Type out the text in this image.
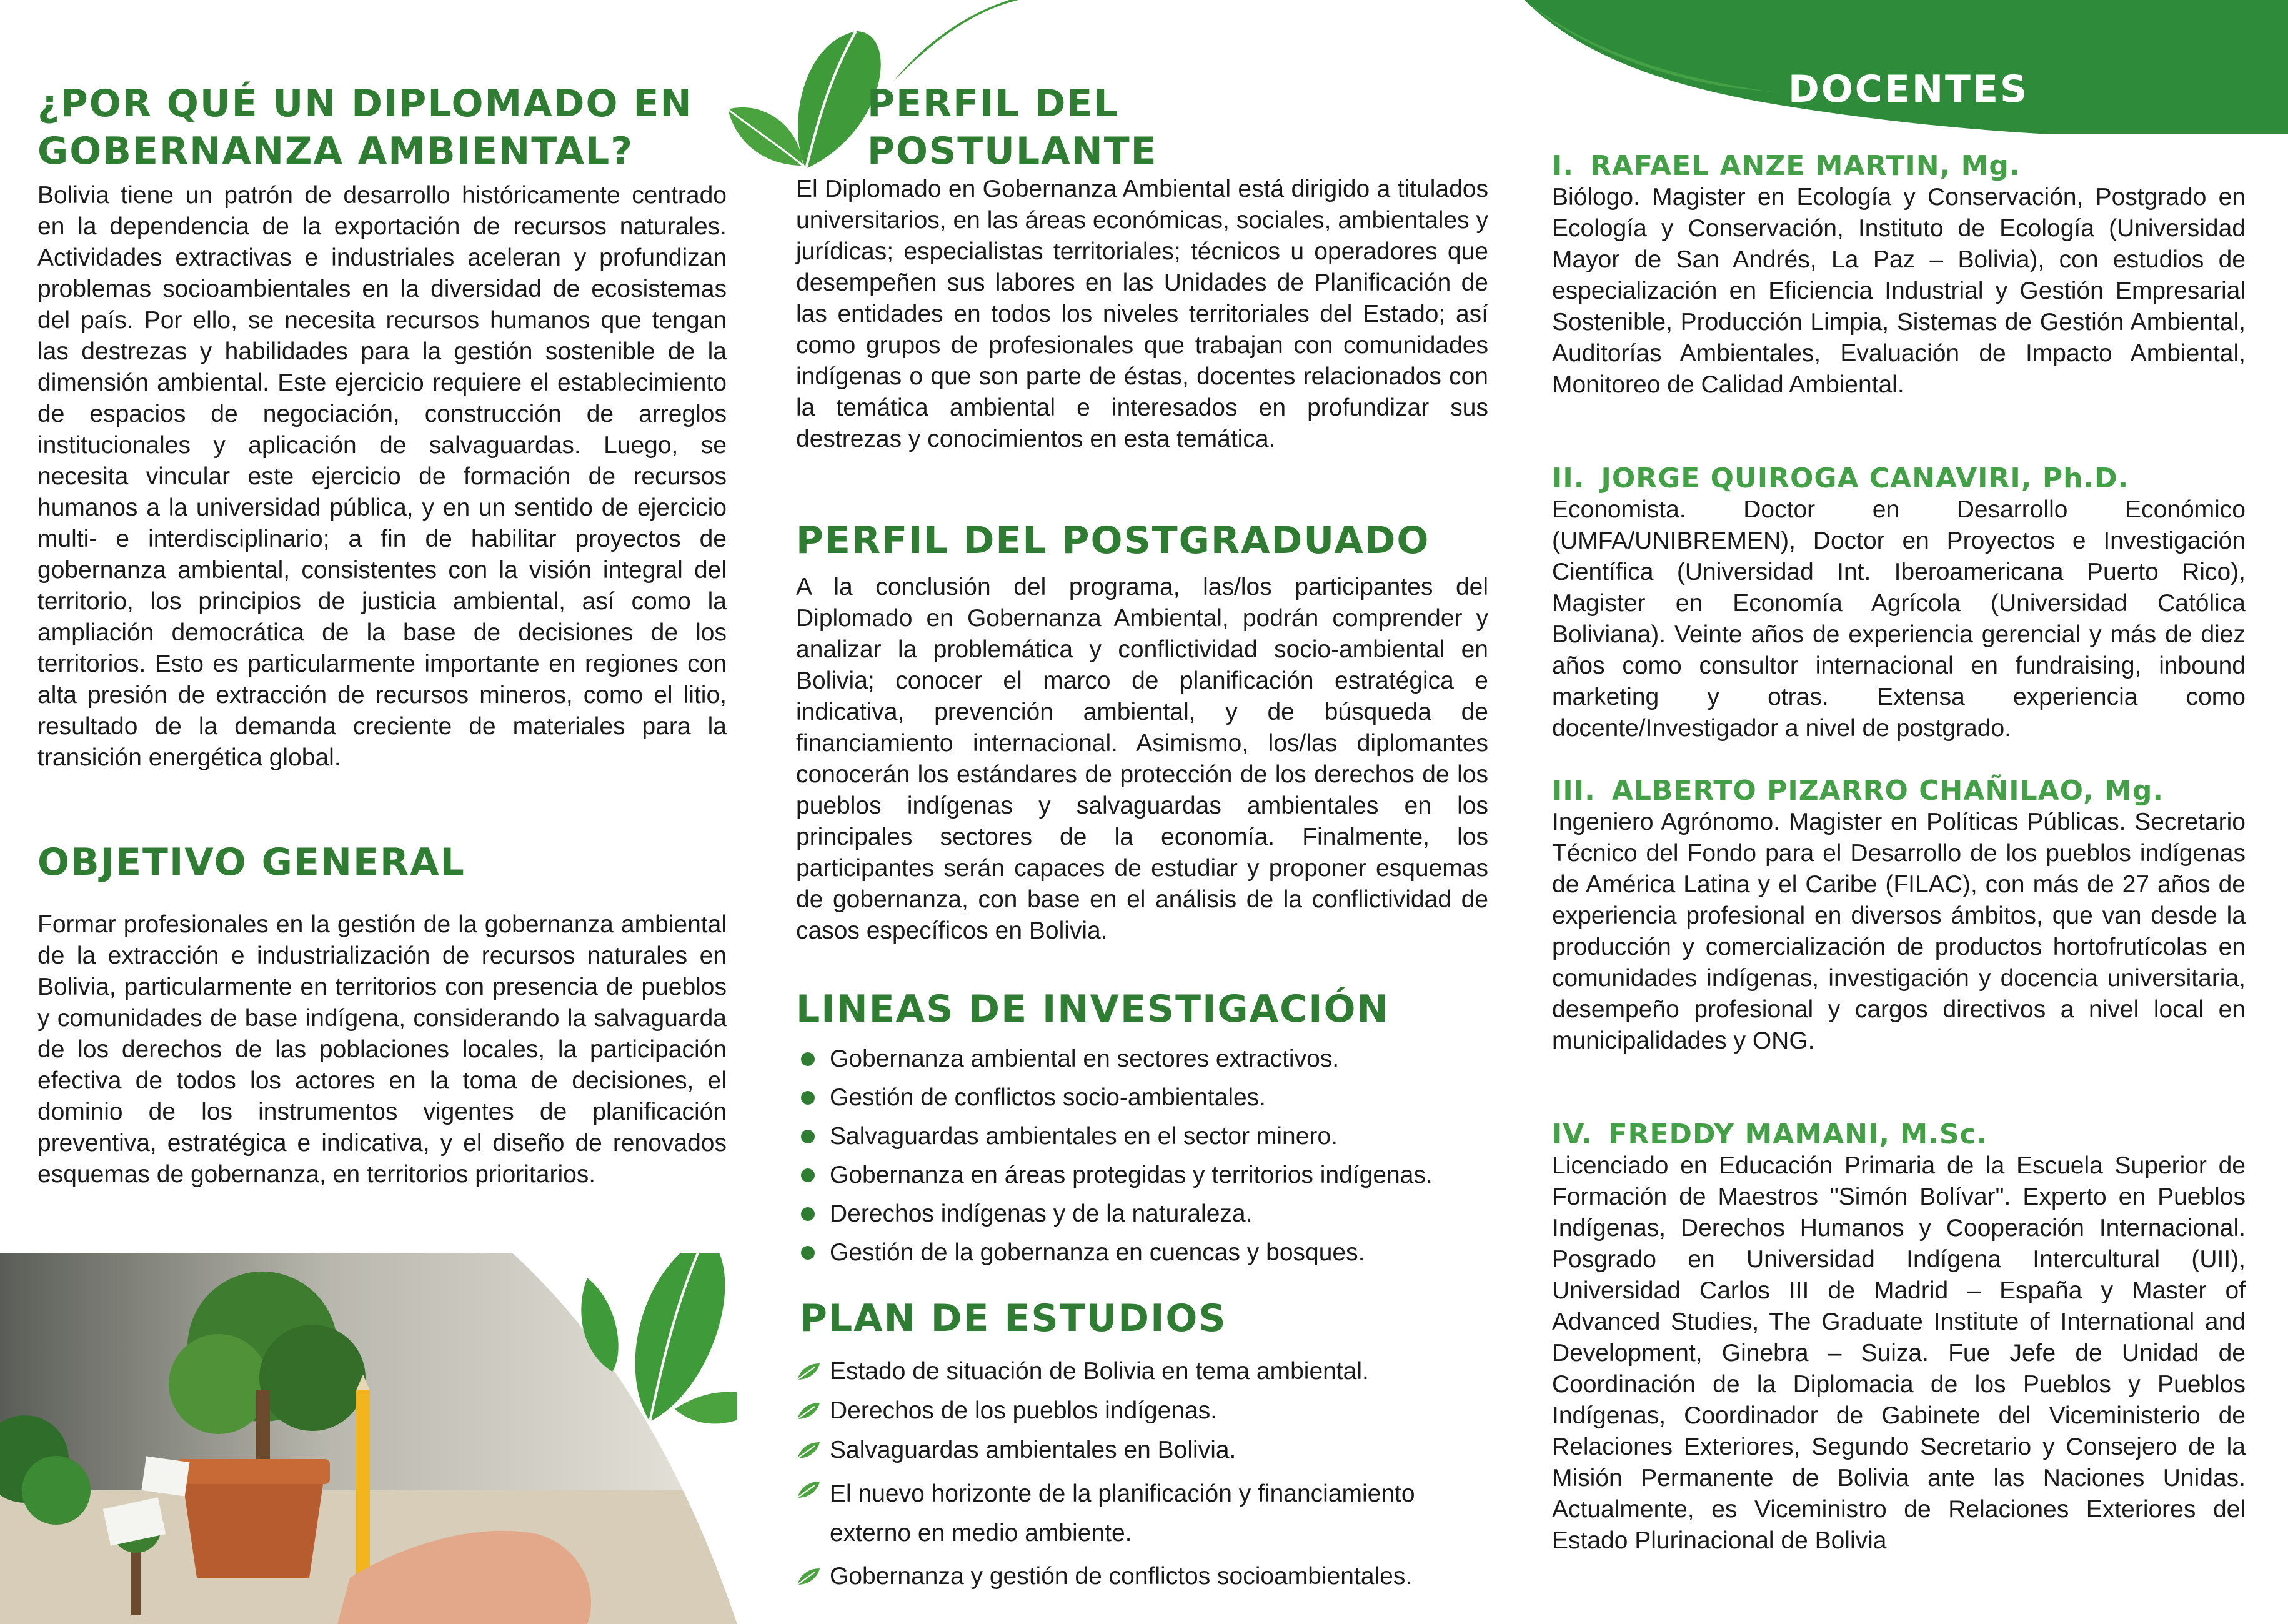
DOCENTES
¿POR QUÉ UN DIPLOMADO EN
GOBERNANZA AMBIENTAL?

Bolivia tiene un patrón de desarrollo históricamente centrado en la dependencia de la exportación de recursos naturales. Actividades extractivas e industriales aceleran y profundizan problemas socioambientales en la diversidad de ecosistemas del país. Por ello, se necesita recursos humanos que tengan las destrezas y habilidades para la gestión sostenible de la dimensión ambiental. Este ejercicio requiere el establecimiento de espacios de negociación, construcción de arreglos institucionales y aplicación de salvaguardas. Luego, se necesita vincular este ejercicio de formación de recursos humanos a la universidad pública, y en un sentido de ejercicio multi- e interdisciplinario; a fin de habilitar proyectos de gobernanza ambiental, consistentes con la visión integral del territorio, los principios de justicia ambiental, así como la ampliación democrática de la base de decisiones de los territorios. Esto es particularmente importante en regiones con alta presión de extracción de recursos mineros, como el litio, resultado de la demanda creciente de materiales para la transición energética global.

OBJETIVO GENERAL

Formar profesionales en la gestión de la gobernanza ambiental de la extracción e industrialización de recursos naturales en Bolivia, particularmente en territorios con presencia de pueblos y comunidades de base indígena, considerando la salvaguarda de los derechos de las poblaciones locales, la participación efectiva de todos los actores en la toma de decisiones, el dominio de los instrumentos vigentes de planificación preventiva, estratégica e indicativa, y el diseño de renovados esquemas de gobernanza, en territorios prioritarios.

PERFIL DEL
POSTULANTE

El Diplomado en Gobernanza Ambiental está dirigido a titulados universitarios, en las áreas económicas, sociales, ambientales y jurídicas; especialistas territoriales; técnicos u operadores que desempeñen sus labores en las Unidades de Planificación de las entidades en todos los niveles territoriales del Estado; así como grupos de profesionales que trabajan con comunidades indígenas o que son parte de éstas, docentes relacionados con la temática ambiental e interesados en profundizar sus destrezas y conocimientos en esta temática.

PERFIL DEL POSTGRADUADO

A la conclusión del programa, las/los participantes del Diplomado en Gobernanza Ambiental, podrán comprender y analizar la problemática y conflictividad socio-ambiental en Bolivia; conocer el marco de planificación estratégica e indicativa, prevención ambiental, y de búsqueda de financiamiento internacional. Asimismo, los/las diplomantes conocerán los estándares de protección de los derechos de los pueblos indígenas y salvaguardas ambientales en los principales sectores de la economía. Finalmente, los participantes serán capaces de estudiar y proponer esquemas de gobernanza, con base en el análisis de la conflictividad de casos específicos en Bolivia.

LINEAS DE INVESTIGACIÓN
Gobernanza ambiental en sectores extractivos.
Gestión de conflictos socio-ambientales.
Salvaguardas ambientales en el sector minero.
Gobernanza en áreas protegidas y territorios indígenas.
Derechos indígenas y de la naturaleza.
Gestión de la gobernanza en cuencas y bosques.
PLAN DE ESTUDIOS
Estado de situación de Bolivia en tema ambiental.
Derechos de los pueblos indígenas.
Salvaguardas ambientales en Bolivia.
El nuevo horizonte de la planificación y financiamiento externo en medio ambiente.
Gobernanza y gestión de conflictos socioambientales.
I. RAFAEL ANZE MARTIN, Mg.

Biólogo. Magister en Ecología y Conservación, Postgrado en Ecología y Conservación, Instituto de Ecología (Universidad Mayor de San Andrés, La Paz – Bolivia), con estudios de especialización en Eficiencia Industrial y Gestión Empresarial Sostenible, Producción Limpia, Sistemas de Gestión Ambiental, Auditorías Ambientales, Evaluación de Impacto Ambiental, Monitoreo de Calidad Ambiental.

II. JORGE QUIROGA CANAVIRI, Ph.D.

Economista. Doctor en Desarrollo Económico (UMFA/UNIBREMEN), Doctor en Proyectos e Investigación Científica (Universidad Int. Iberoamericana Puerto Rico), Magister en Economía Agrícola (Universidad Católica Boliviana). Veinte años de experiencia gerencial y más de diez años como consultor internacional en fundraising, inbound marketing y otras. Extensa experiencia como docente/Investigador a nivel de postgrado.

III. ALBERTO PIZARRO CHAÑILAO, Mg.

Ingeniero Agrónomo. Magister en Políticas Públicas. Secretario Técnico del Fondo para el Desarrollo de los pueblos indígenas de América Latina y el Caribe (FILAC), con más de 27 años de experiencia profesional en diversos ámbitos, que van desde la producción y comercialización de productos hortofrutícolas en comunidades indígenas, investigación y docencia universitaria, desempeño profesional y cargos directivos a nivel local en municipalidades y ONG.

IV. FREDDY MAMANI, M.Sc.

Licenciado en Educación Primaria de la Escuela Superior de Formación de Maestros "Simón Bolívar". Experto en Pueblos Indígenas, Derechos Humanos y Cooperación Internacional. Posgrado en Universidad Indígena Intercultural (UII), Universidad Carlos III de Madrid – España y Master of Advanced Studies, The Graduate Institute of International and Development, Ginebra – Suiza. Fue Jefe de Unidad de Coordinación de la Diplomacia de los Pueblos y Pueblos Indígenas, Coordinador de Gabinete del Viceministerio de Relaciones Exteriores, Segundo Secretario y Consejero de la Misión Permanente de Bolivia ante las Naciones Unidas. Actualmente, es Viceministro de Relaciones Exteriores del Estado Plurinacional de Bolivia
